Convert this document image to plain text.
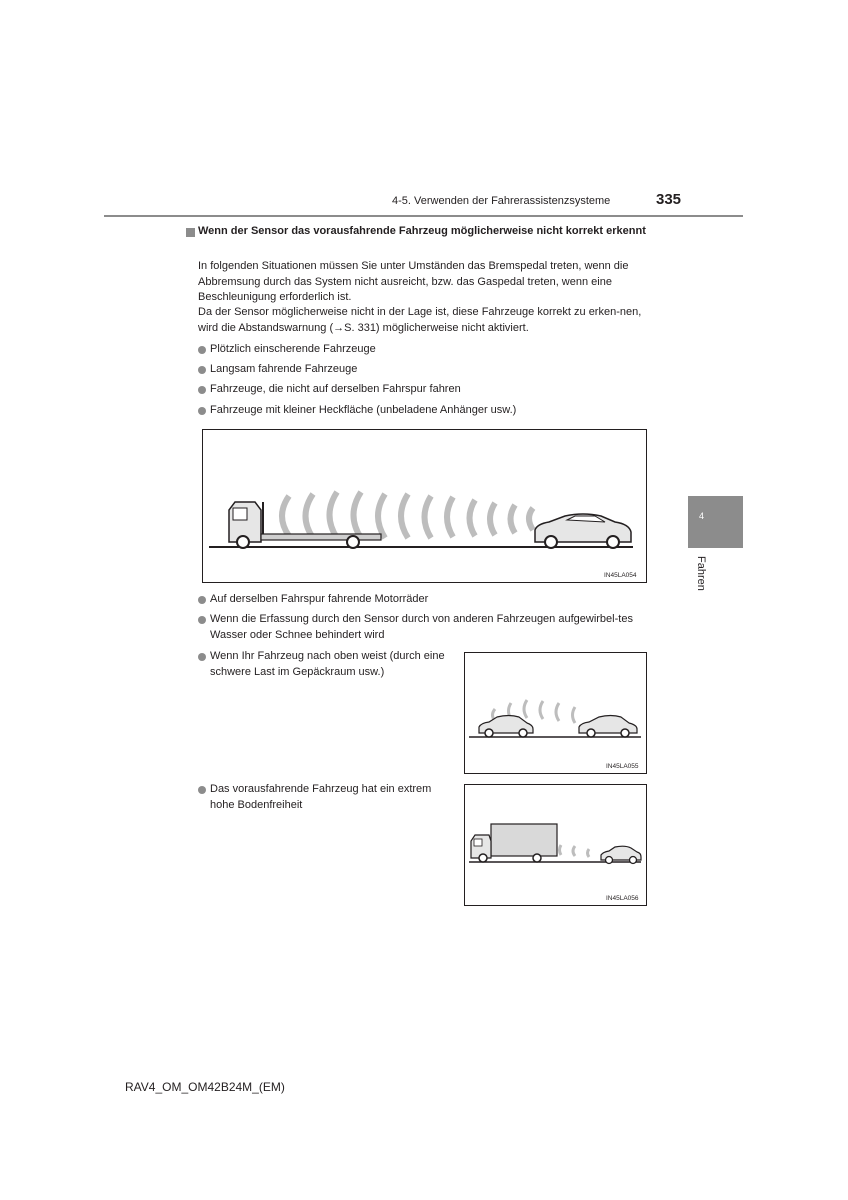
4-5. Verwenden der Fahrerassistenzsysteme	335
Wenn der Sensor das vorausfahrende Fahrzeug möglicherweise nicht korrekt erkennt
In folgenden Situationen müssen Sie unter Umständen das Bremspedal treten, wenn die Abbremsung durch das System nicht ausreicht, bzw. das Gaspedal treten, wenn eine Beschleunigung erforderlich ist.
Da der Sensor möglicherweise nicht in der Lage ist, diese Fahrzeuge korrekt zu erken-nen, wird die Abstandswarnung (→S. 331) möglicherweise nicht aktiviert.
Plötzlich einscherende Fahrzeuge
Langsam fahrende Fahrzeuge
Fahrzeuge, die nicht auf derselben Fahrspur fahren
Fahrzeuge mit kleiner Heckfläche (unbeladene Anhänger usw.)
IN45LA054
Auf derselben Fahrspur fahrende Motorräder
Wenn die Erfassung durch den Sensor durch von anderen Fahrzeugen aufgewirbel-tes Wasser oder Schnee behindert wird
Wenn Ihr Fahrzeug nach oben weist (durch eine schwere Last im Gepäckraum usw.)
IN45LA055
Das vorausfahrende Fahrzeug hat ein extrem hohe Bodenfreiheit
IN45LA056
4
Fahren
RAV4_OM_OM42B24M_(EM)
